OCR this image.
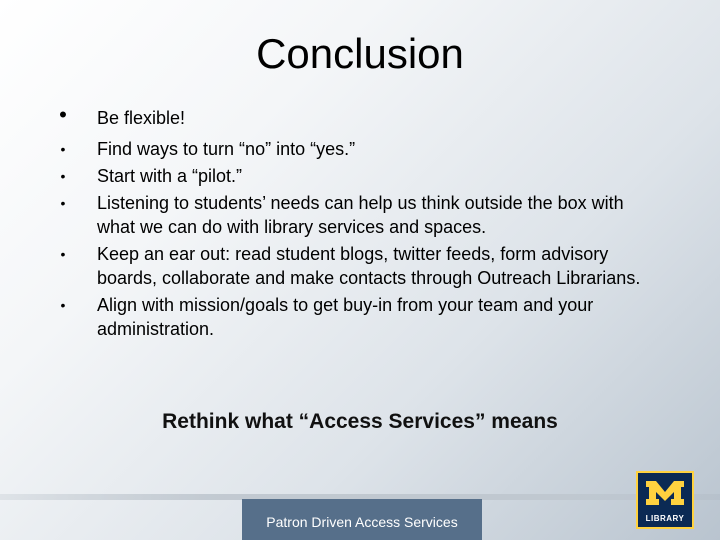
Conclusion
• Be flexible!
• Find ways to turn “no” into “yes.”
• Start with a “pilot.”
• Listening to students’ needs can help us think outside the box with what we can do with library services and spaces.
• Keep an ear out: read student blogs, twitter feeds, form advisory boards, collaborate and make contacts through Outreach Librarians.
• Align with mission/goals to get buy-in from your team and your administration.
Rethink what “Access Services” means
Patron Driven Access Services	LIBRARY
